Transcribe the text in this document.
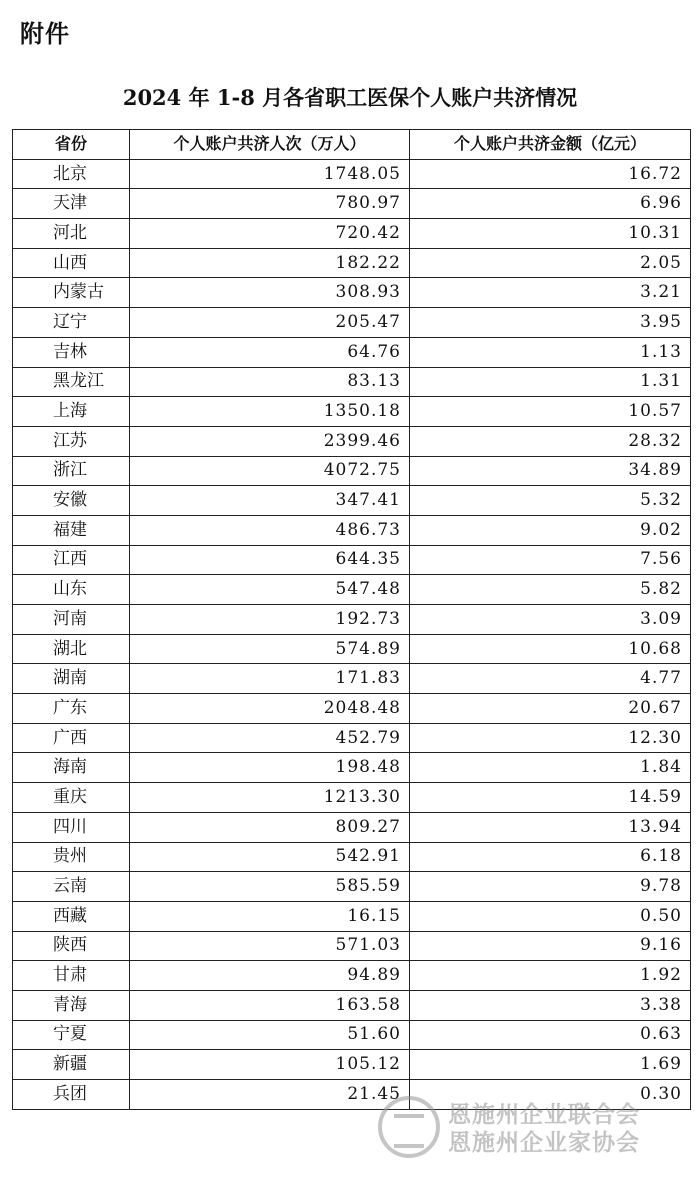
附件
2024 年 1-8 月各省职工医保个人账户共济情况
省份	个人账户共济人次（万人）	个人账户共济金额（亿元）
北京	1748.05	16.72
天津	780.97	6.96
河北	720.42	10.31
山西	182.22	2.05
内蒙古	308.93	3.21
辽宁	205.47	3.95
吉林	64.76	1.13
黑龙江	83.13	1.31
上海	1350.18	10.57
江苏	2399.46	28.32
浙江	4072.75	34.89
安徽	347.41	5.32
福建	486.73	9.02
江西	644.35	7.56
山东	547.48	5.82
河南	192.73	3.09
湖北	574.89	10.68
湖南	171.83	4.77
广东	2048.48	20.67
广西	452.79	12.30
海南	198.48	1.84
重庆	1213.30	14.59
四川	809.27	13.94
贵州	542.91	6.18
云南	585.59	9.78
西藏	16.15	0.50
陕西	571.03	9.16
甘肃	94.89	1.92
青海	163.58	3.38
宁夏	51.60	0.63
新疆	105.12	1.69
兵团	21.45	0.30
恩施州企业联合会
恩施州企业家协会
